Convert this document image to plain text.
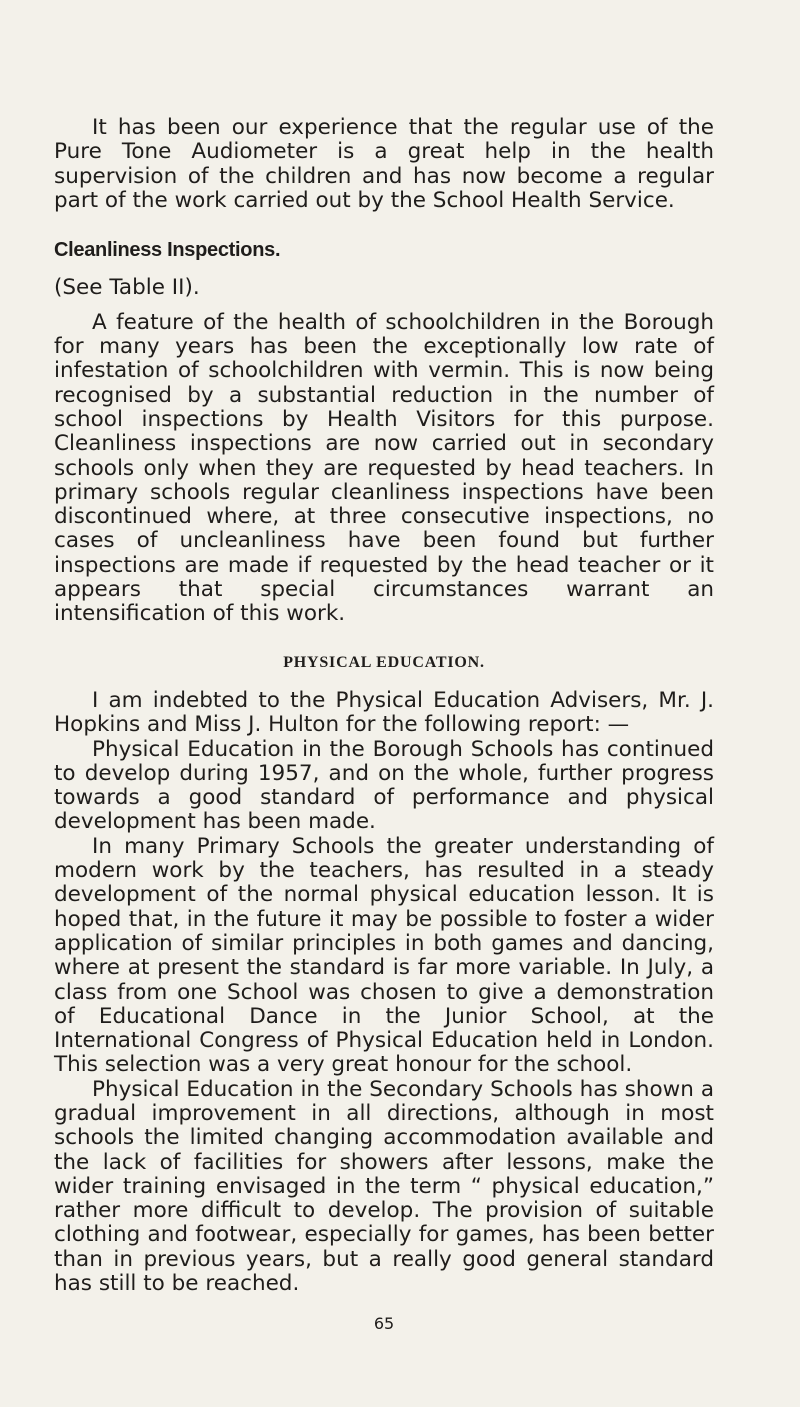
It has been our experience that the regular use of the Pure Tone Audiometer is a great help in the health supervision of the children and has now become a regular part of the work carried out by the School Health Service.

Cleanliness Inspections.

(See Table II).

A feature of the health of schoolchildren in the Borough for many years has been the exceptionally low rate of infestation of schoolchildren with vermin. This is now being recognised by a substantial reduction in the number of school inspections by Health Visitors for this purpose. Cleanliness inspections are now carried out in secondary schools only when they are requested by head teachers. In primary schools regular cleanliness inspections have been discontinued where, at three consecutive inspections, no cases of uncleanliness have been found but further inspections are made if requested by the head teacher or it appears that special circumstances warrant an intensification of this work.

PHYSICAL EDUCATION.

I am indebted to the Physical Education Advisers, Mr. J. Hopkins and Miss J. Hulton for the following report: —

Physical Education in the Borough Schools has continued to develop during 1957, and on the whole, further progress towards a good standard of performance and physical development has been made.

In many Primary Schools the greater understanding of modern work by the teachers, has resulted in a steady development of the normal physical education lesson. It is hoped that, in the future it may be possible to foster a wider application of similar principles in both games and dancing, where at present the standard is far more variable. In July, a class from one School was chosen to give a demonstration of Educational Dance in the Junior School, at the International Congress of Physical Education held in London. This selection was a very great honour for the school.

Physical Education in the Secondary Schools has shown a gradual improvement in all directions, although in most schools the limited changing accommodation available and the lack of facilities for showers after lessons, make the wider training envisaged in the term “ physical education,” rather more difficult to develop. The provision of suitable clothing and footwear, especially for games, has been better than in previous years, but a really good general standard has still to be reached.

65
